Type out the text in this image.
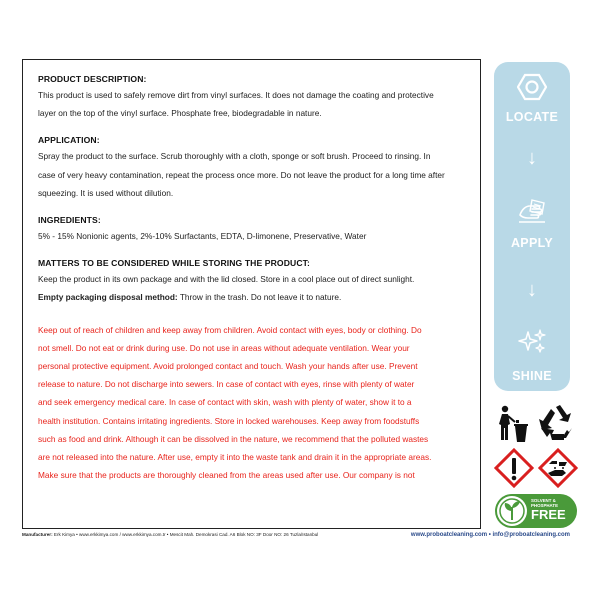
PRODUCT DESCRIPTION:
This product is used to safely remove dirt from vinyl surfaces. It does not damage the coating and protective
layer on the top of the vinyl surface. Phosphate free, biodegradable in nature.
APPLICATION:
Spray the product to the surface. Scrub thoroughly with a cloth, sponge or soft brush. Proceed to rinsing. In
case of very heavy contamination, repeat the process once more. Do not leave the product for a long time after
squeezing. It is used without dilution.
INGREDIENTS:
5% - 15% Nonionic agents, 2%-10% Surfactants, EDTA, D-limonene, Preservative, Water
MATTERS TO BE CONSIDERED WHILE STORING THE PRODUCT:
Keep the product in its own package and with the lid closed. Store in a cool place out of direct sunlight.
Empty packaging disposal method: Throw in the trash. Do not leave it to nature.
Keep out of reach of children and keep away from children. Avoid contact with eyes, body or clothing. Do
not smell. Do not eat or drink during use. Do not use in areas without adequate ventilation. Wear your
personal protective equipment. Avoid prolonged contact and touch. Wash your hands after use. Prevent
release to nature. Do not discharge into sewers. In case of contact with eyes, rinse with plenty of water
and seek emergency medical care. In case of contact with skin, wash with plenty of water, show it to a
health institution. Contains irritating ingredients. Store in locked warehouses. Keep away from foodstuffs
such as food and drink. Although it can be dissolved in the nature, we recommend that the polluted wastes
are not released into the nature. After use, empty it into the waste tank and drain it in the appropriate areas.
Make sure that the products are thoroughly cleaned from the areas used after use. Our company is not
LOCATE
↓
APPLY
↓
SHINE
SOLVENT &
PHOSPHATE
FREE
Manufacturer: Erk Kimya • www.erkkimya.com / www.erkkimya.com.tr • Mescit Mah. Demokrasi Cad. A6 Blok NO: 3F Door NO: 26 Tuzla/Istanbul	www.proboatcleaning.com • info@proboatcleaning.com
